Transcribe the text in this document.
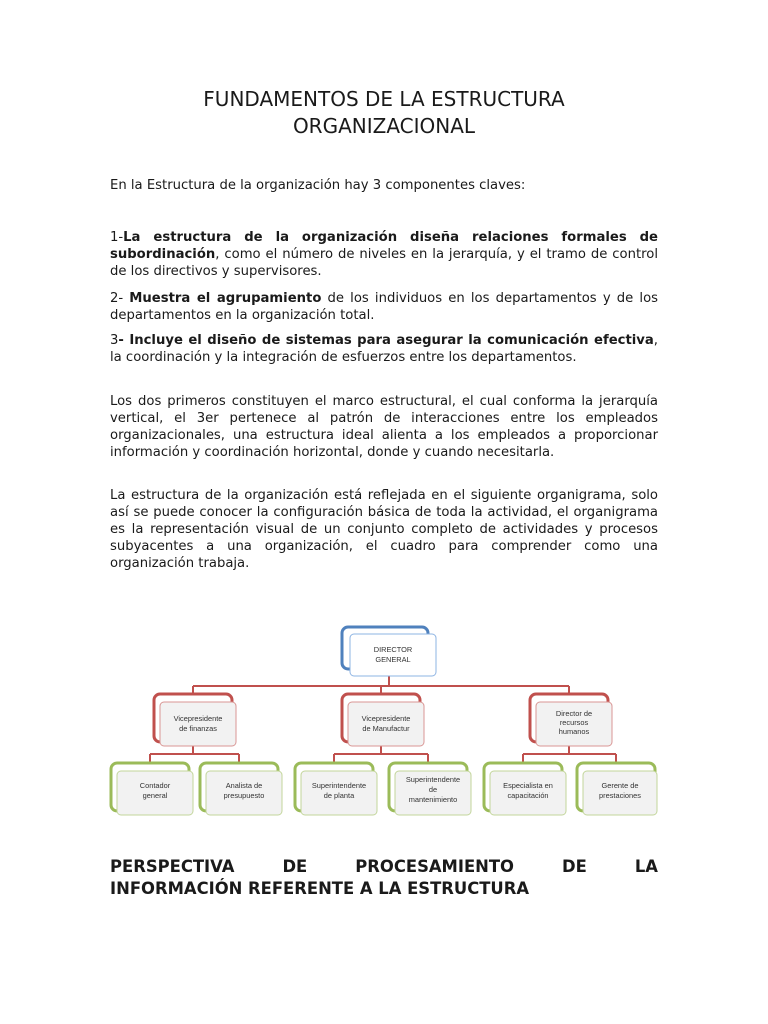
FUNDAMENTOS DE LA ESTRUCTURA
ORGANIZACIONAL
En la Estructura de la organización hay 3 componentes claves:
1-La estructura de la organización diseña relaciones formales de subordinación, como el número de niveles en la jerarquía, y el tramo de control de los directivos y supervisores.
2- Muestra el agrupamiento de los individuos en los departamentos y de los departamentos en la organización total.
3- Incluye el diseño de sistemas para asegurar la comunicación efectiva, la coordinación y la integración de esfuerzos entre los departamentos.
Los dos primeros constituyen el marco estructural, el cual conforma la jerarquía vertical, el 3er pertenece al patrón de interacciones entre los empleados organizacionales, una estructura ideal alienta a los empleados a proporcionar información y coordinación horizontal, donde y cuando necesitarla.
La estructura de la organización está reflejada en el siguiente organigrama, solo así se puede conocer la configuración básica de toda la actividad, el organigrama es la representación visual de un conjunto completo de actividades y procesos subyacentes a una organización, el cuadro para comprender como una organización trabaja.
DIRECTOR
GENERAL
Vicepresidente
de finanzas
Vicepresidente
de Manufactur
Director de
recursos
humanos
Contador
general
Analista de
presupuesto
Superintendente
de planta
Superintendente
de
mantenimiento
Especialista en
capacitación
Gerente de
prestaciones
PERSPECTIVA DE PROCESAMIENTO DE LA
INFORMACIÓN REFERENTE A LA ESTRUCTURA
